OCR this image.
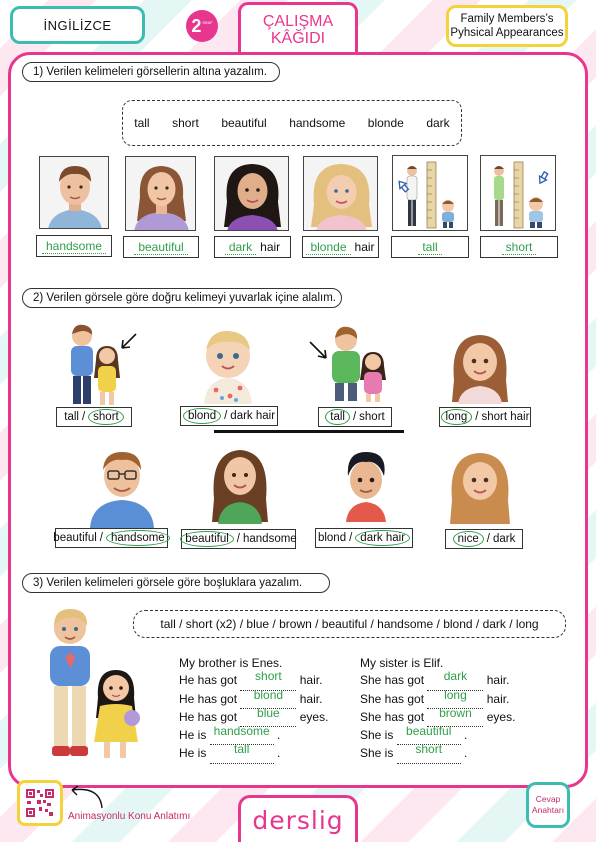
İNGİLİZCE	2 SINIF	ÇALIŞMA
KÂĞIDI
Family Members’s
Pyhsical Appearances
1) Verilen kelimeleri görsellerin altına yazalım.
tall short beautiful handsome blonde dark
handsome	beautiful	dark hair	blonde hair	tall	short
2) Verilen görsele göre doğru kelimeyi yuvarlak içine alalım.
tall / short	blond / dark hair	tall / short	long / short hair
beautiful / handsome	beautiful / handsome blond / dark hair	nice / dark
3) Verilen kelimeleri görsele göre boşluklara yazalım.
tall / short (x2) / blue / brown / beautiful / handsome / blond / dark / long
My brother is Enes.
He has got short hair.
He has got blond hair.
He has got blue eyes.
He is handsome .
He is tall .
My sister is Elif.
She has got dark hair.
She has got long hair.
She has got brown eyes.
She is beautiful .
She is short .
Animasyonlu Konu Anlatımı derslig
Cevap
Anahtarı
